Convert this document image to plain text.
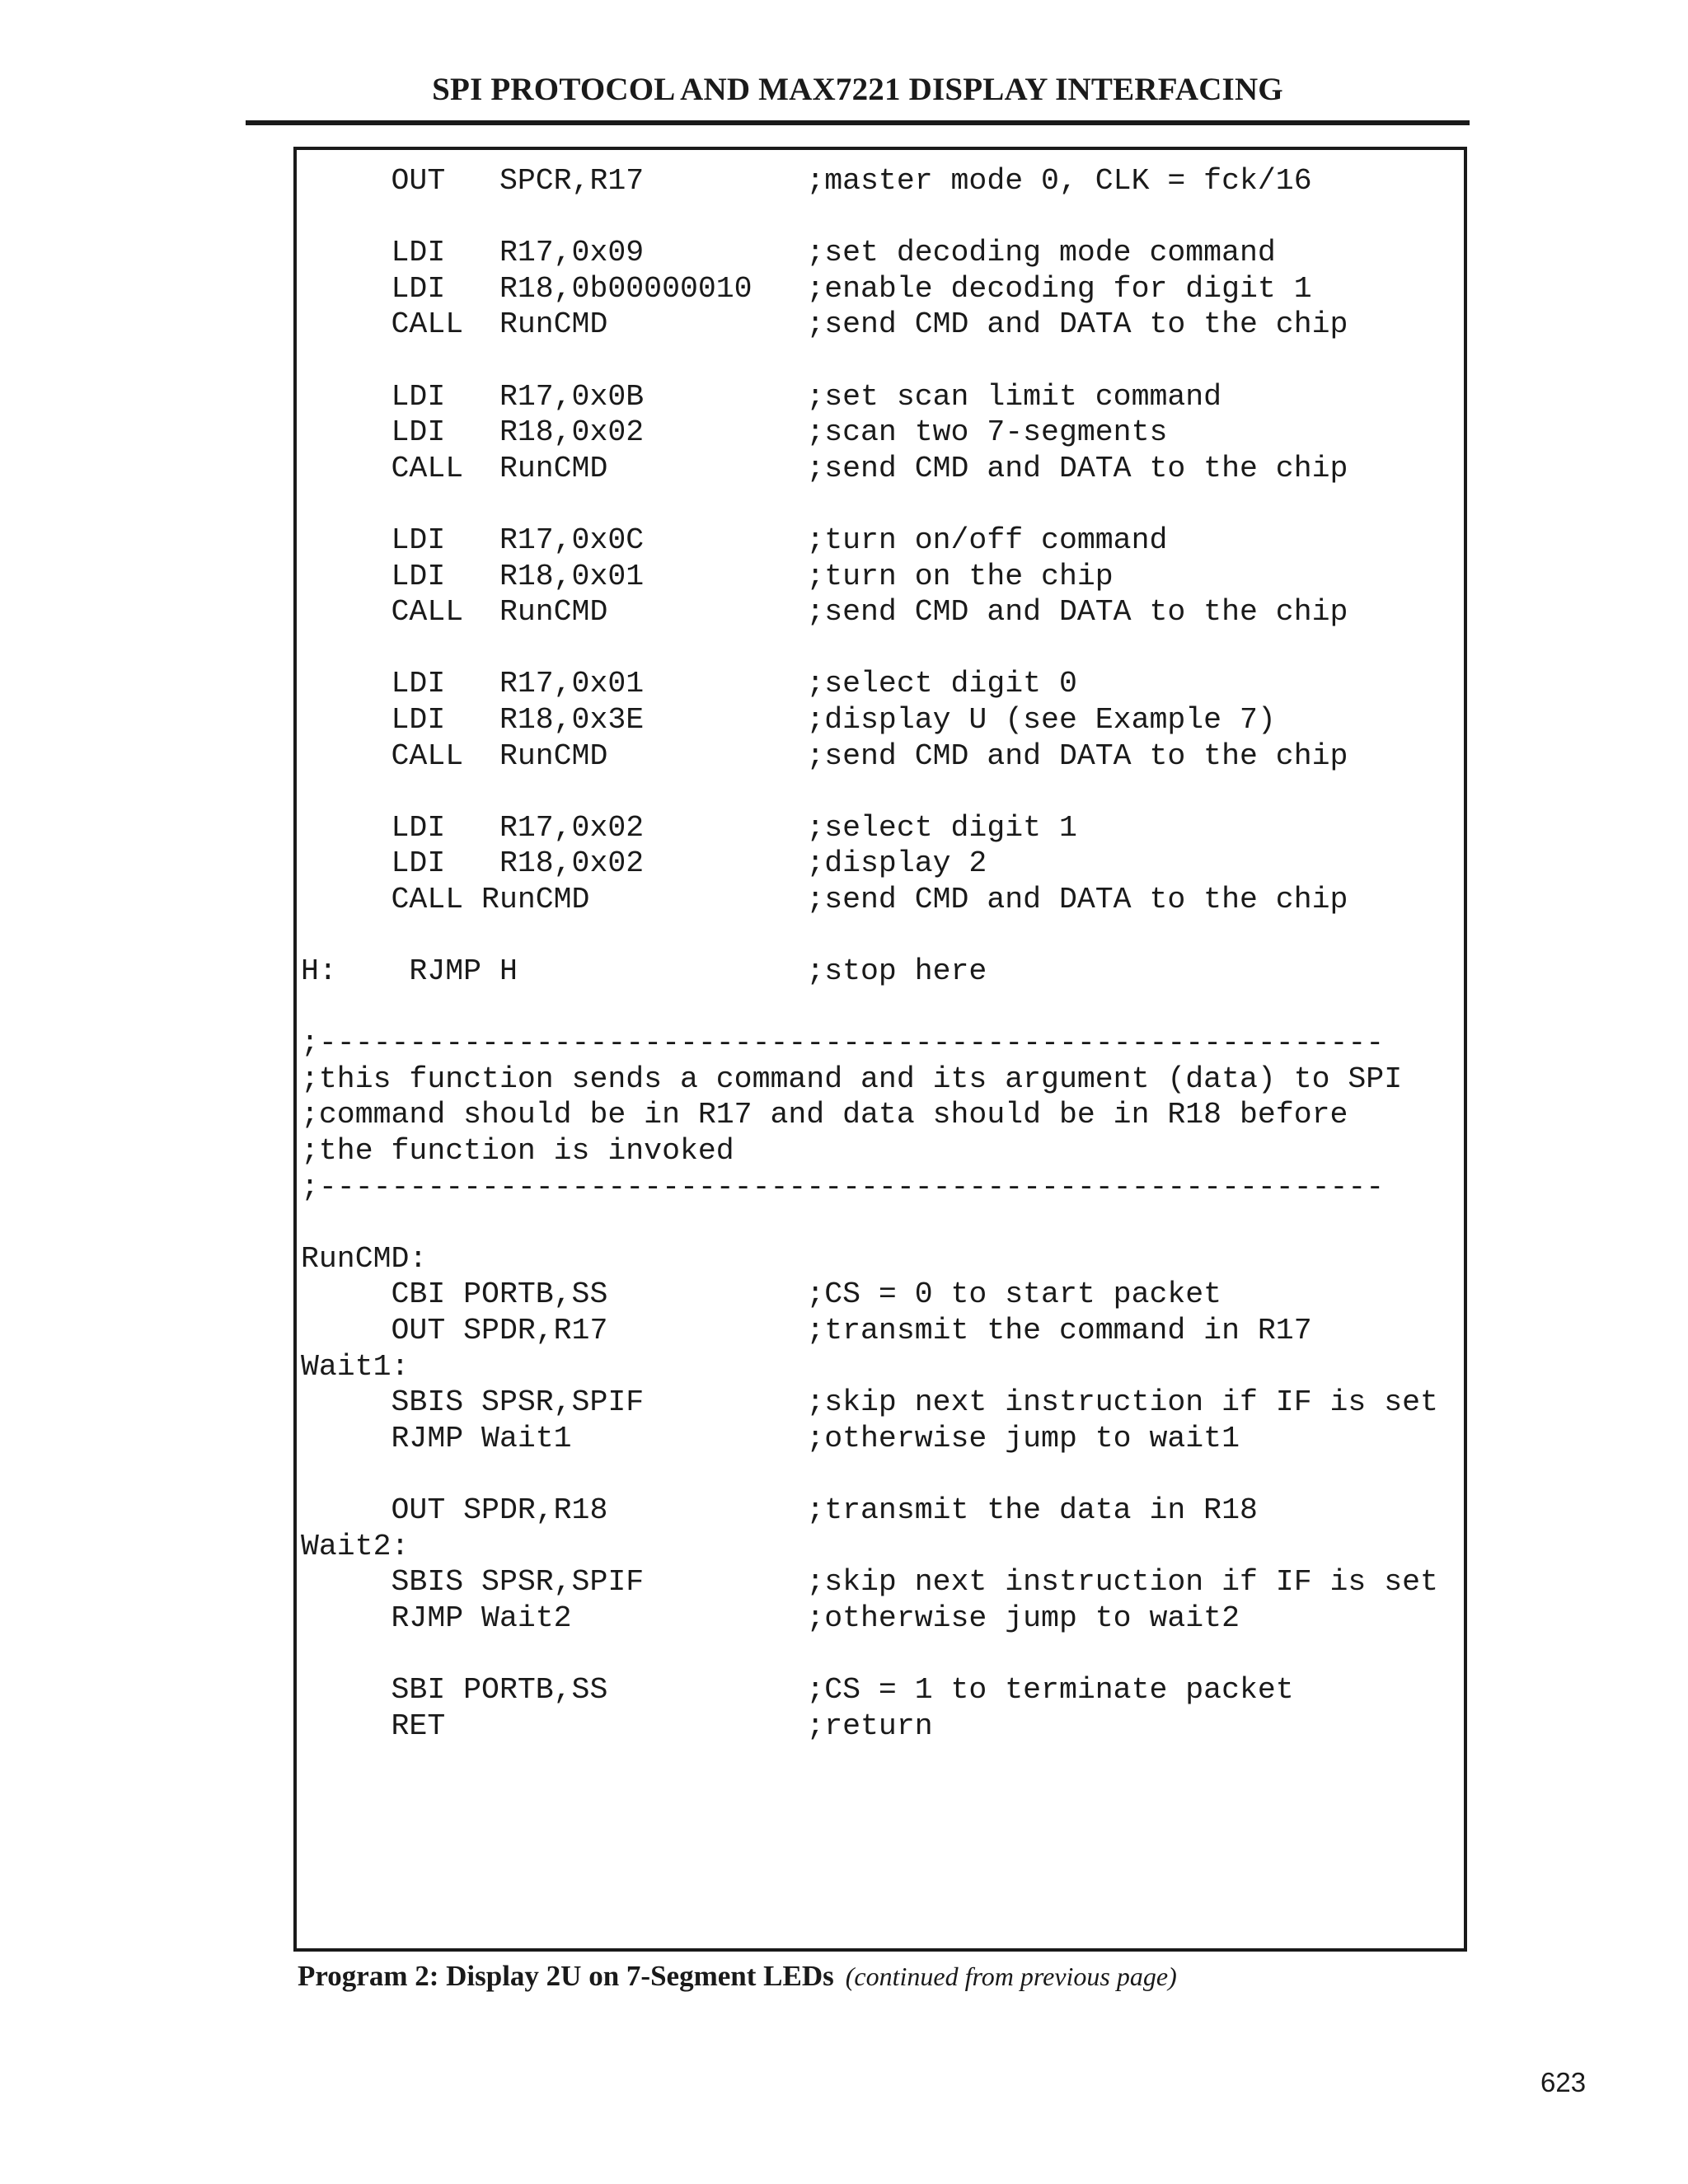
SPI PROTOCOL AND MAX7221 DISPLAY INTERFACING
OUT   SPCR,R17         ;master mode 0, CLK = fck/16
LDI   R17,0x09         ;set decoding mode command
LDI   R18,0b00000010   ;enable decoding for digit 1
CALL  RunCMD           ;send CMD and DATA to the chip
LDI   R17,0x0B         ;set scan limit command
LDI   R18,0x02         ;scan two 7-segments
CALL  RunCMD           ;send CMD and DATA to the chip
LDI   R17,0x0C         ;turn on/off command
LDI   R18,0x01         ;turn on the chip
CALL  RunCMD           ;send CMD and DATA to the chip
LDI   R17,0x01         ;select digit 0
LDI   R18,0x3E         ;display U (see Example 7)
CALL  RunCMD           ;send CMD and DATA to the chip
LDI   R17,0x02         ;select digit 1
LDI   R18,0x02         ;display 2
CALL RunCMD            ;send CMD and DATA to the chip
H:    RJMP H                ;stop here
;-----------------------------------------------------------
;this function sends a command and its argument (data) to SPI
;command should be in R17 and data should be in R18 before
;the function is invoked
;-----------------------------------------------------------
RunCMD:
CBI PORTB,SS           ;CS = 0 to start packet
OUT SPDR,R17           ;transmit the command in R17
Wait1:
SBIS SPSR,SPIF         ;skip next instruction if IF is set
RJMP Wait1             ;otherwise jump to wait1
OUT SPDR,R18           ;transmit the data in R18
Wait2:
SBIS SPSR,SPIF         ;skip next instruction if IF is set
RJMP Wait2             ;otherwise jump to wait2
SBI PORTB,SS           ;CS = 1 to terminate packet
RET                    ;return
Program 2: Display 2U on 7-Segment LEDs (continued from previous page)
623
